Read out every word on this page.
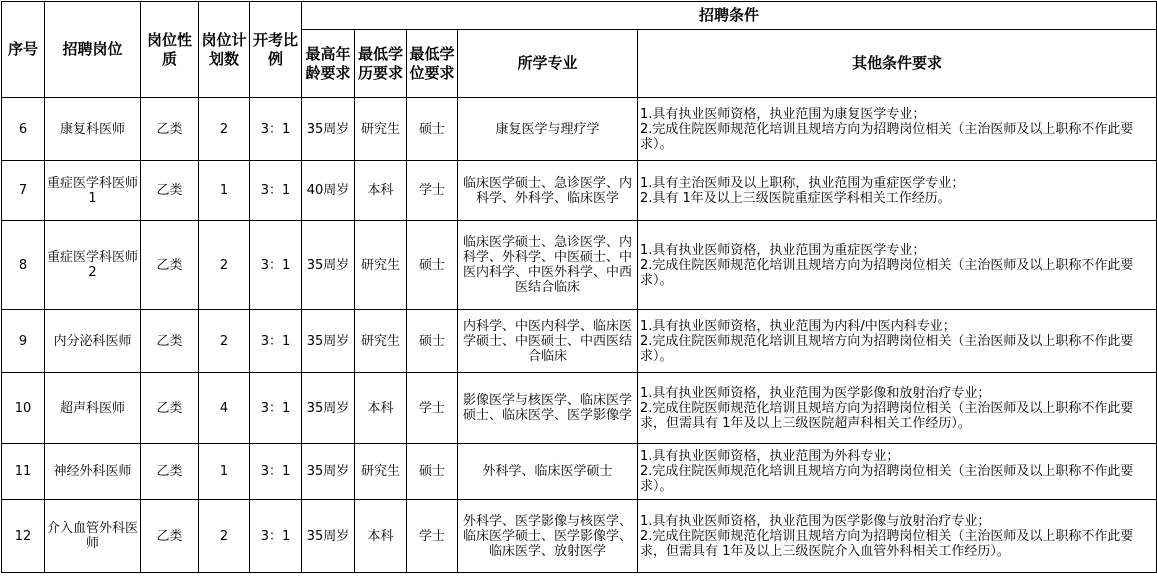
序号	招聘岗位	岗位性质	岗位计划数	开考比例	招聘条件				
					最高年龄要求	最低学历要求	最低学位要求	所学专业	其他条件要求
6	康复科医师	乙类	2	3：1	35周岁	研究生	硕士	康复医学与理疗学	1.具有执业医师资格，执业范围为康复医学专业；
2.完成住院医师规范化培训且规培方向为招聘岗位相关（主治医师及以上职称不作此要求）。

7	重症医学科医师 1	乙类	1	3：1	40周岁	本科	学士	临床医学硕士、急诊医学、内科学、外科学、临床医学	1.具有主治医师及以上职称，执业范围为重症医学专业；
2.具有 1年及以上三级医院重症医学科相关工作经历。

8	重症医学科医师 2	乙类	2	3：1	35周岁	研究生	硕士	临床医学硕士、急诊医学、内科学、外科学、中医硕士、中医内科学、中医外科学、中西医结合临床	1.具有执业医师资格，执业范围为重症医学专业；
2.完成住院医师规范化培训且规培方向为招聘岗位相关（主治医师及以上职称不作此要求）。

9	内分泌科医师	乙类	2	3：1	35周岁	研究生	硕士	内科学、中医内科学、临床医学硕士、中医硕士、中西医结合临床	1.具有执业医师资格，执业范围为内科/中医内科专业；
2.完成住院医师规范化培训且规培方向为招聘岗位相关（主治医师及以上职称不作此要求）。

10	超声科医师	乙类	4	3：1	35周岁	本科	学士	影像医学与核医学、临床医学硕士、临床医学、医学影像学	1.具有执业医师资格，执业范围为医学影像和放射治疗专业；
2.完成住院医师规范化培训且规培方向为招聘岗位相关（主治医师及以上职称不作此要求，但需具有 1年及以上三级医院超声科相关工作经历）。

11	神经外科医师	乙类	1	3：1	35周岁	研究生	硕士	外科学、临床医学硕士	1.具有执业医师资格，执业范围为外科专业；
2.完成住院医师规范化培训且规培方向为招聘岗位相关（主治医师及以上职称不作此要求）。

12	介入血管外科医师	乙类	2	3：1	35周岁	本科	学士	外科学、医学影像与核医学、临床医学硕士、医学影像学、临床医学、放射医学	1.具有执业医师资格，执业范围为医学影像与放射治疗专业；
2.完成住院医师规范化培训且规培方向为招聘岗位相关（主治医师及以上职称不作此要求，但需具有 1年及以上三级医院介入血管外科相关工作经历）。
